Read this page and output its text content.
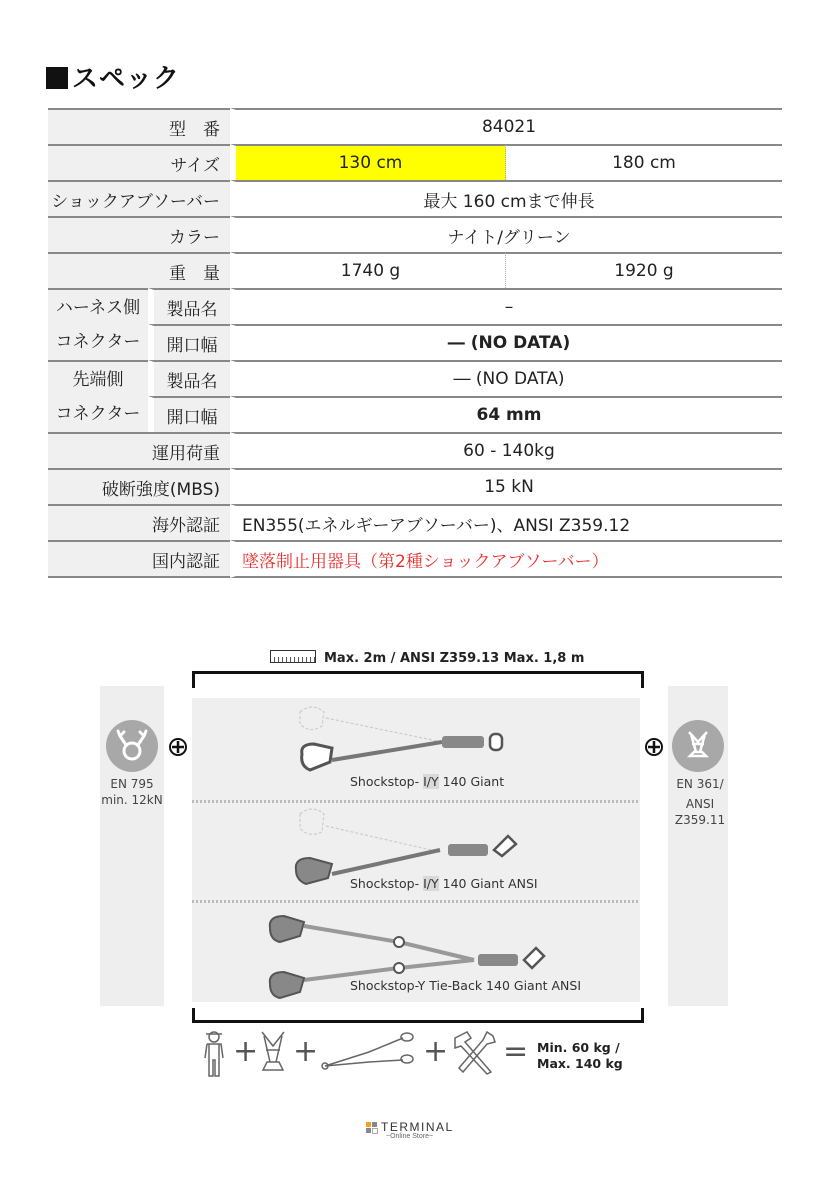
スペック
型　番		84021	
サイズ		130 cm	180 cm
ショックアブソーバー		最大 160 cmまで伸長	
カラー		ナイト/グリーン	
重　量		1740 g	1920 g
ハーネス側
コネクター	製品名	–	
	開口幅	― (NO DATA)	
先端側
コネクター	製品名	― (NO DATA)	
	開口幅	64 mm	
運用荷重		60 - 140kg	
破断強度(MBS)		15 kN	
海外認証		EN355(エネルギーアブソーバー)、ANSI Z359.12	
国内認証		墜落制止用器具（第2種ショックアブソーバー）	
Max. 2m / ANSI Z359.13 Max. 1,8 m
EN 795
min. 12kN
EN 361/
ANSI
Z359.11
Shockstop- I/Y 140 Giant
Shockstop- I/Y 140 Giant ANSI
Shockstop-Y Tie-Back 140 Giant ANSI
+ +	+ = Min. 60 kg /
Max. 140 kg
TERMINAL
~Online Store~
